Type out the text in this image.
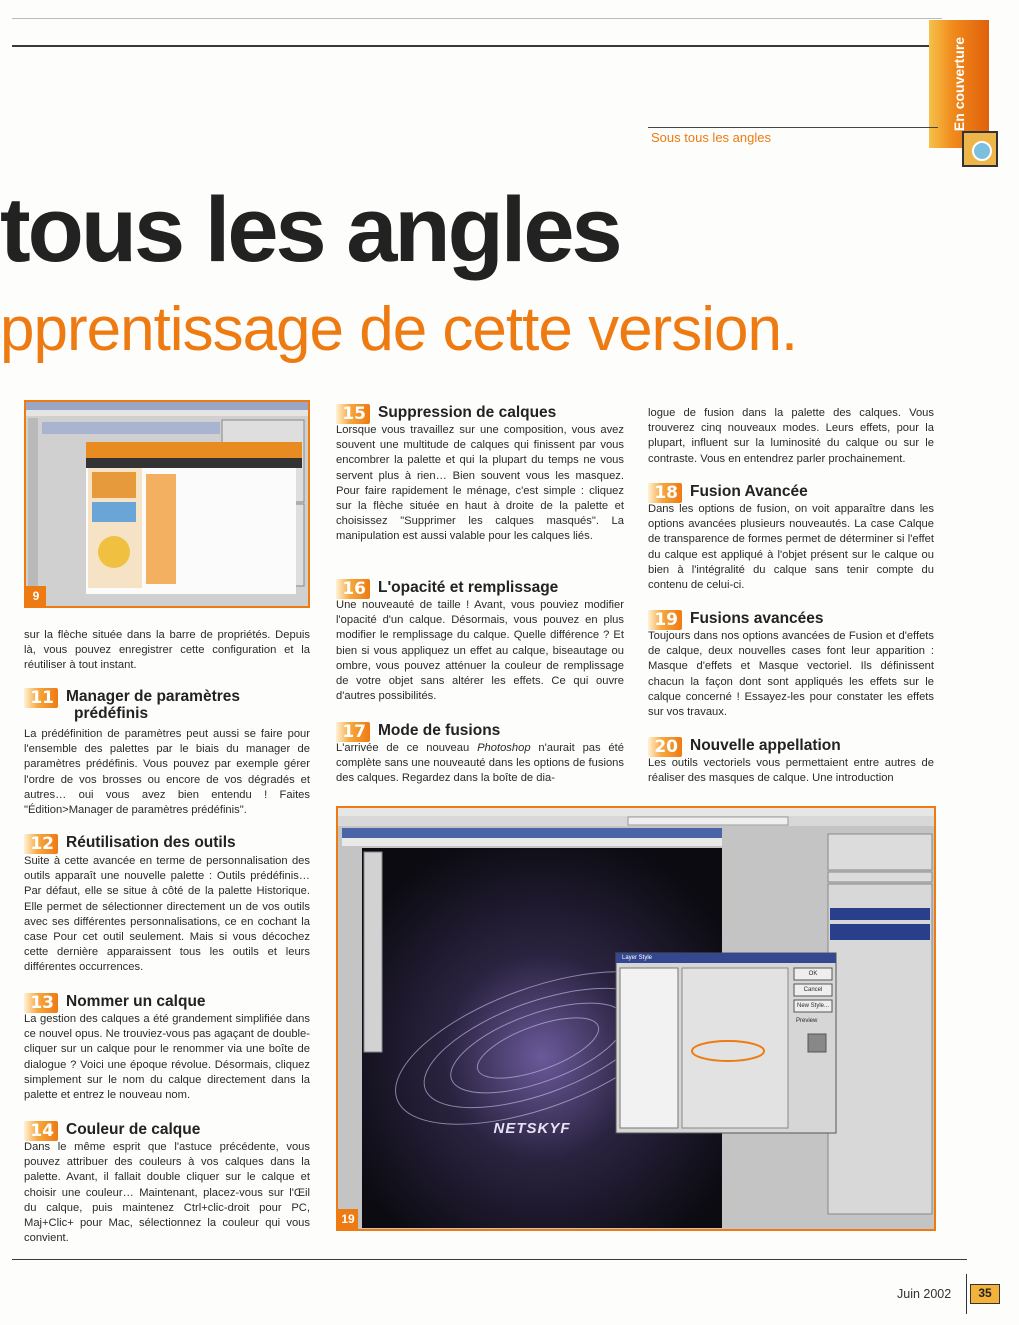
En couverture
Sous tous les angles
tous les angles
pprentissage de cette version.
9

sur la flèche située dans la barre de propriétés. Depuis là, vous pouvez enregistrer cette configuration et la réutiliser à tout instant.

11 Manager de paramètres
prédéfinis

La prédéfinition de paramètres peut aussi se faire pour l'ensemble des palettes par le biais du manager de paramètres prédéfinis. Vous pouvez par exemple gérer l'ordre de vos brosses ou encore de vos dégradés et autres… oui vous avez bien entendu ! Faites "Édition>Manager de paramètres prédéfinis".

12 Réutilisation des outils

Suite à cette avancée en terme de personnalisation des outils apparaît une nouvelle palette : Outils prédéfinis… Par défaut, elle se situe à côté de la palette Historique. Elle permet de sélectionner directement un de vos outils avec ses différentes personnalisations, ce en cochant la case Pour cet outil seulement. Mais si vous décochez cette dernière apparaissent tous les outils et leurs différentes occurrences.

13 Nommer un calque

La gestion des calques a été grandement simplifiée dans ce nouvel opus. Ne trouviez-vous pas agaçant de double-cliquer sur un calque pour le renommer via une boîte de dialogue ? Voici une époque révolue. Désormais, cliquez simplement sur le nom du calque directement dans la palette et entrez le nouveau nom.

14 Couleur de calque

Dans le même esprit que l'astuce précédente, vous pouvez attribuer des couleurs à vos calques dans la palette. Avant, il fallait double cliquer sur le calque et choisir une couleur… Maintenant, placez-vous sur l'Œil du calque, puis maintenez Ctrl+clic-droit pour PC, Maj+Clic+ pour Mac, sélectionnez la couleur qui vous convient.

15 Suppression de calques

Lorsque vous travaillez sur une composition, vous avez souvent une multitude de calques qui finissent par vous encombrer la palette et qui la plupart du temps ne vous servent plus à rien… Bien souvent vous les masquez. Pour faire rapidement le ménage, c'est simple : cliquez sur la flèche située en haut à droite de la palette et choisissez "Supprimer les calques masqués". La manipulation est aussi valable pour les calques liés.

16 L'opacité et remplissage

Une nouveauté de taille ! Avant, vous pouviez modifier l'opacité d'un calque. Désormais, vous pouvez en plus modifier le remplissage du calque. Quelle différence ? Et bien si vous appliquez un effet au calque, biseautage ou ombre, vous pouvez atténuer la couleur de remplissage de votre objet sans altérer les effets. Ce qui ouvre d'autres possibilités.

17 Mode de fusions

L'arrivée de ce nouveau Photoshop n'aurait pas été complète sans une nouveauté dans les options de fusions des calques. Regardez dans la boîte de dia-

logue de fusion dans la palette des calques. Vous trouverez cinq nouveaux modes. Leurs effets, pour la plupart, influent sur la luminosité du calque ou sur le contraste. Vous en entendrez parler prochainement.

18 Fusion Avancée

Dans les options de fusion, on voit apparaître dans les options avancées plusieurs nouveautés. La case Calque de transparence de formes permet de déterminer si l'effet du calque est appliqué à l'objet présent sur le calque ou bien à l'intégralité du calque sans tenir compte du contenu de celui-ci.

19 Fusions avancées

Toujours dans nos options avancées de Fusion et d'effets de calque, deux nouvelles cases font leur apparition : Masque d'effets et Masque vectoriel. Ils définissent chacun la façon dont sont appliqués les effets sur le calque concerné ! Essayez-les pour constater les effets sur vos travaux.

20 Nouvelle appellation

Les outils vectoriels vous permettaient entre autres de réaliser des masques de calque. Une introduction

NETSKYF
Layer Style
OK
Cancel
New Style...
Preview
19
Juin 2002	35
